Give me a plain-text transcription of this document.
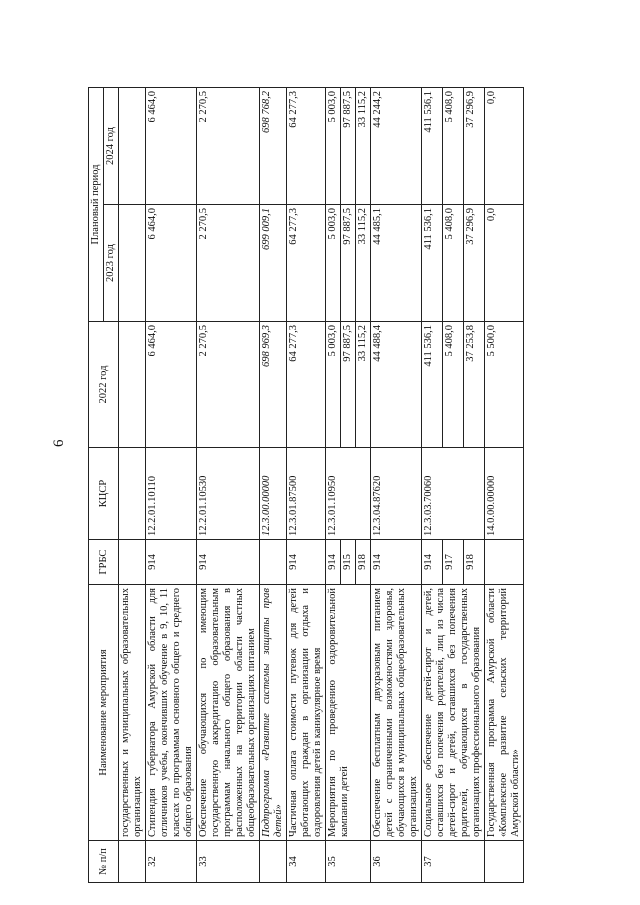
6
№ п/п	Наименование мероприятия	ГРБС	КЦСР	2022 год	Плановый период	
					2023 год	2024 год
	государственных и муниципальных образовательных организациях					
32	Стипендия губернатора Амурской области для отличников учебы, окончивших обучение в 9, 10, 11 классах по программам основного общего и среднего общего образования	914	12.2.01.10110	6 464,0	6 464,0	6 464,0
33	Обеспечение обучающихся по имеющим государственную аккредитацию образовательным программам начального общего образования в расположенных на территории области частных общеобразовательных организациях питанием	914	12.2.01.10530	2 270,5	2 270,5	2 270,5
	Подпрограмма «Развитие системы защиты прав детей»		12.3.00.00000	698 969,3	699 009,1	698 768,2
34	Частичная оплата стоимости путевок для детей работающих граждан в организации отдыха и оздоровления детей в каникулярное время	914	12.3.01.87500	64 277,3	64 277,3	64 277,3
35	Мероприятия по проведению оздоровительной кампании детей	914	12.3.01.10950	5 003,0	5 003,0	5 003,0
		915		97 887,5	97 887,5	97 887,5
		918		33 115,2	33 115,2	33 115,2
36	Обеспечение бесплатным двухразовым питанием детей с ограниченными возможностями здоровья, обучающихся в муниципальных общеобразовательных организациях	914	12.3.04.87620	44 488,4	44 485,1	44 244,2
37	Социальное обеспечение детей-сирот и детей, оставшихся без попечения родителей, лиц из числа детей-сирот и детей, оставшихся без попечения родителей, обучающихся в государственных организациях профессионального образования	914	12.3.03.70060	411 536,1	411 536,1	411 536,1
		917		5 408,0	5 408,0	5 408,0
		918		37 253,8	37 296,9	37 296,9
	Государственная программа Амурской области «Комплексное развитие сельских территорий Амурской области»		14.0.00.00000	5 500,0	0,0	0,0
